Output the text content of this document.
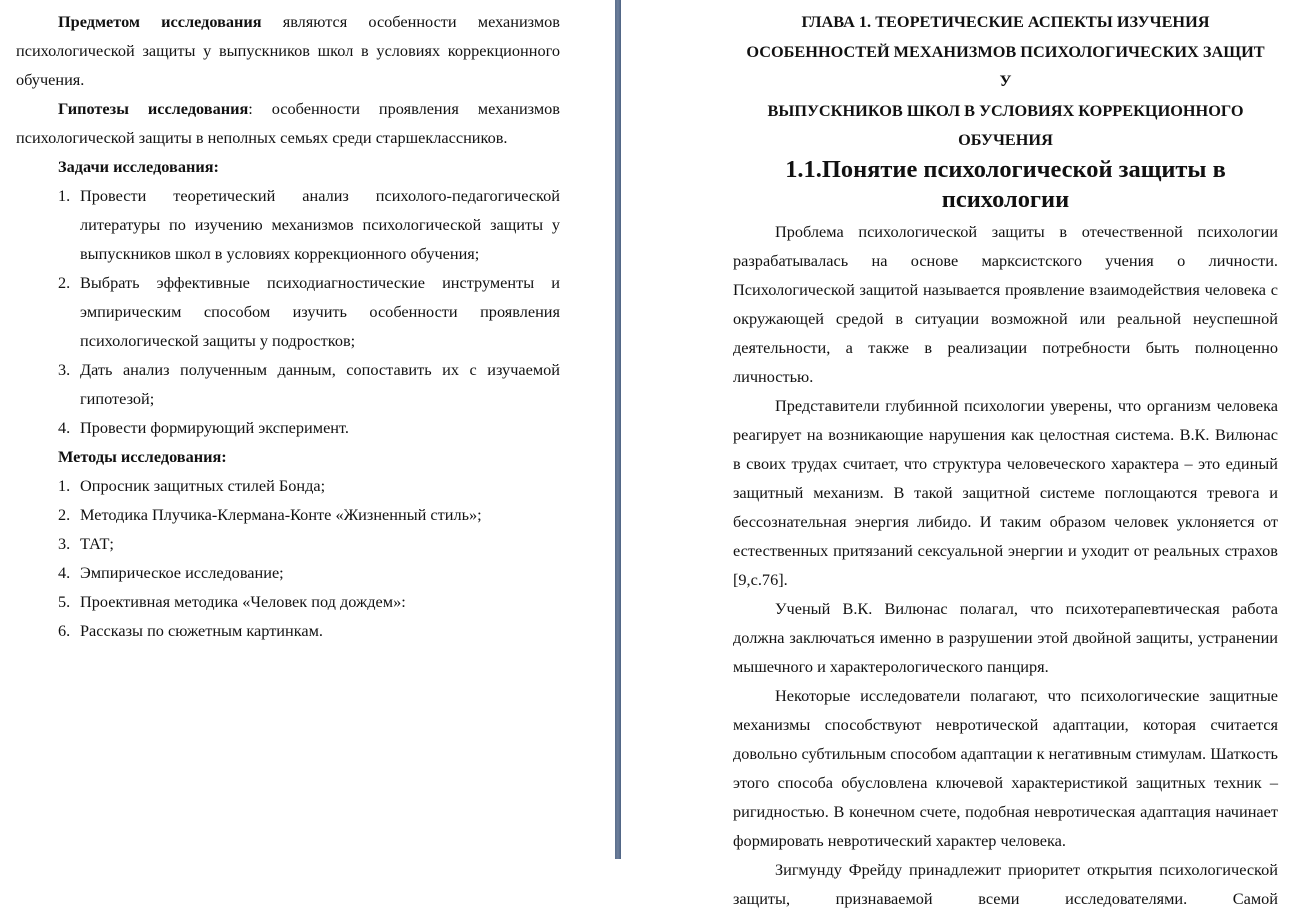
Предметом исследования являются особенности механизмов психологической защиты у выпускников школ в условиях коррекционного обучения.

Гипотезы исследования: особенности проявления механизмов психологической защиты в неполных семьях среди старшеклассников.

Задачи исследования:

1. Провести теоретический анализ психолого-педагогической литературы по изучению механизмов психологической защиты у выпускников школ в условиях коррекционного обучения;
2. Выбрать эффективные психодиагностические инструменты и эмпирическим способом изучить особенности проявления психологической защиты у подростков;
3. Дать анализ полученным данным, сопоставить их с изучаемой гипотезой;
4. Провести формирующий эксперимент.

Методы исследования:

1. Опросник защитных стилей Бонда;
2. Методика Плучика-Клермана-Конте «Жизненный стиль»;
3. ТАТ;
4. Эмпирическое исследование;
5. Проективная методика «Человек под дождем»:
6. Рассказы по сюжетным картинкам.
ГЛАВА 1. ТЕОРЕТИЧЕСКИЕ АСПЕКТЫ ИЗУЧЕНИЯ
ОСОБЕННОСТЕЙ МЕХАНИЗМОВ ПСИХОЛОГИЧЕСКИХ ЗАЩИТ У
ВЫПУСКНИКОВ ШКОЛ В УСЛОВИЯХ КОРРЕКЦИОННОГО
ОБУЧЕНИЯ
1.1.Понятие психологической защиты в психологии

Проблема психологической защиты в отечественной психологии разрабатывалась на основе марксистского учения о личности. Психологической защитой называется проявление взаимодействия человека с окружающей средой в ситуации возможной или реальной неуспешной деятельности, а также в реализации потребности быть полноценно личностью.

Представители глубинной психологии уверены, что организм человека реагирует на возникающие нарушения как целостная система. В.К. Вилюнас в своих трудах считает, что структура человеческого характера – это единый защитный механизм. В такой защитной системе поглощаются тревога и бессознательная энергия либидо. И таким образом человек уклоняется от естественных притязаний сексуальной энергии и уходит от реальных страхов [9,с.76].

Ученый В.К. Вилюнас полагал, что психотерапевтическая работа должна заключаться именно в разрушении этой двойной защиты, устранении мышечного и характерологического панциря.

Некоторые исследователи полагают, что психологические защитные механизмы способствуют невротической адаптации, которая считается довольно субтильным способом адаптации к негативным стимулам. Шаткость этого способа обусловлена ключевой характеристикой защитных техник – ригидностью. В конечном счете, подобная невротическая адаптация начинает формировать невротический характер человека.

Зигмунду Фрейду принадлежит приоритет открытия психологической защиты, признаваемой всеми исследователями. Самой
